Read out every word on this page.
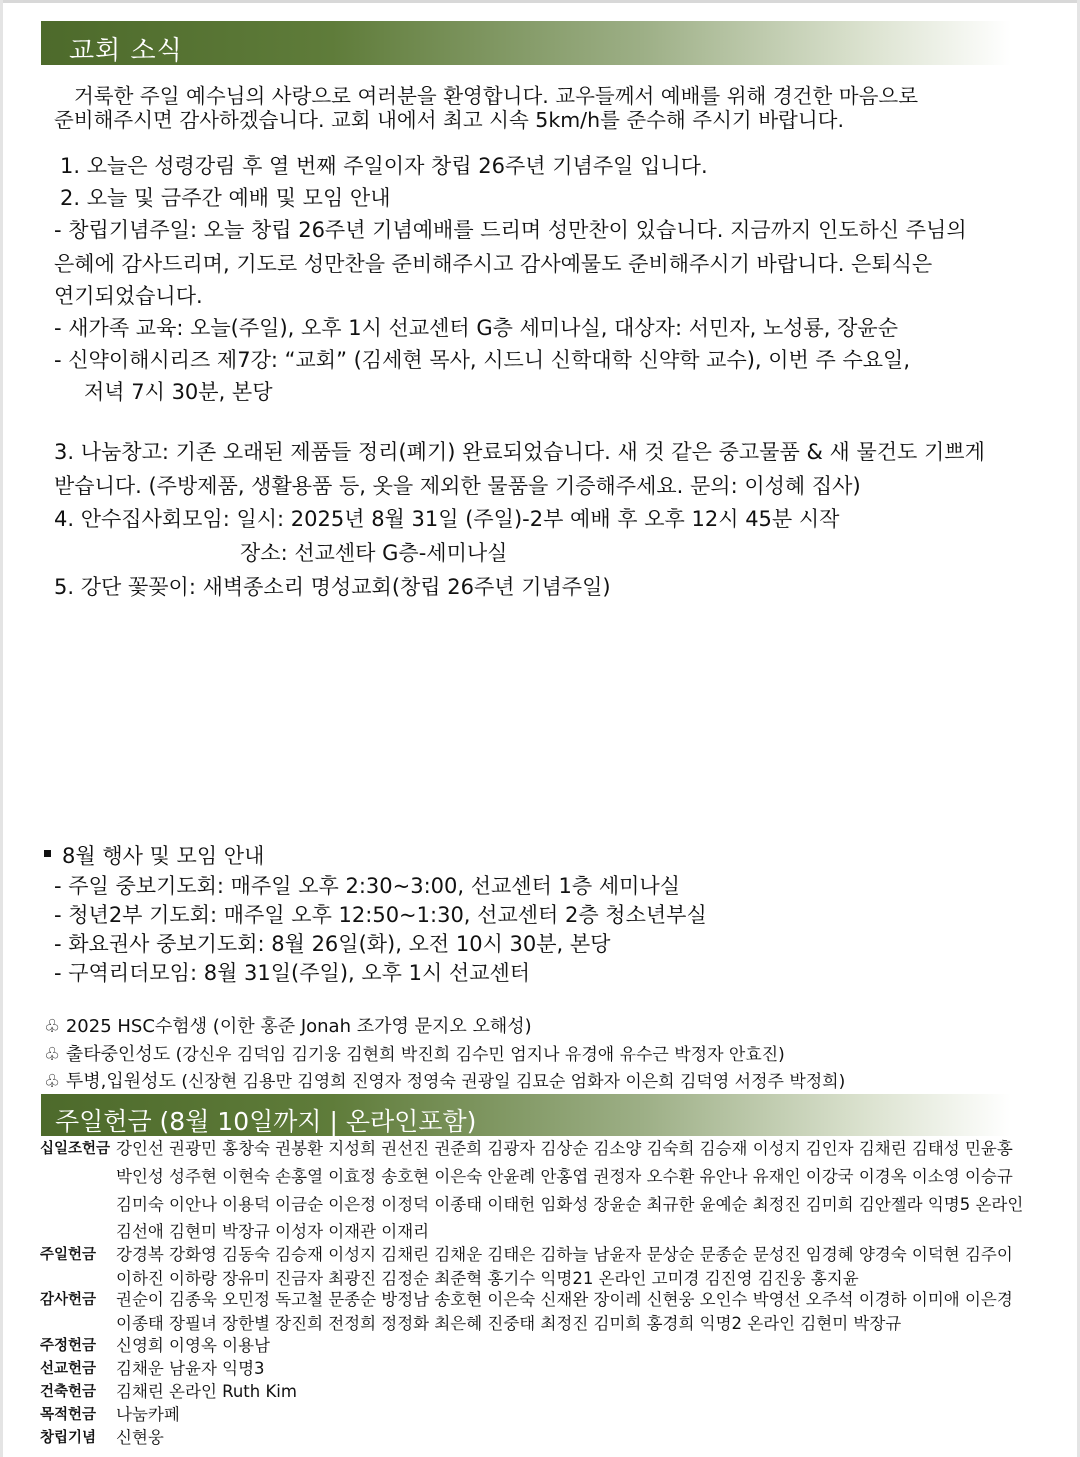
교회 소식
거룩한 주일 예수님의 사랑으로 여러분을 환영합니다. 교우들께서 예배를 위해 경건한 마음으로
준비해주시면 감사하겠습니다. 교회 내에서 최고 시속 5km/h를 준수해 주시기 바랍니다.
1. 오늘은 성령강림 후 열 번째 주일이자 창립 26주년 기념주일 입니다.
2. 오늘 및 금주간 예배 및 모임 안내
- 창립기념주일: 오늘 창립 26주년 기념예배를 드리며 성만찬이 있습니다. 지금까지 인도하신 주님의
은혜에 감사드리며, 기도로 성만찬을 준비해주시고 감사예물도 준비해주시기 바랍니다. 은퇴식은
연기되었습니다.
- 새가족 교육: 오늘(주일), 오후 1시 선교센터 G층 세미나실, 대상자: 서민자, 노성룡, 장윤순
- 신약이해시리즈 제7강: “교회” (김세현 목사, 시드니 신학대학 신약학 교수), 이번 주 수요일,
저녁 7시 30분, 본당
3. 나눔창고: 기존 오래된 제품들 정리(폐기) 완료되었습니다. 새 것 같은 중고물품 & 새 물건도 기쁘게
받습니다. (주방제품, 생활용품 등, 옷을 제외한 물품을 기증해주세요. 문의: 이성혜 집사)
4. 안수집사회모임: 일시: 2025년 8월 31일 (주일)-2부 예배 후 오후 12시 45분 시작
장소: 선교센타 G층-세미나실
5. 강단 꽃꽂이: 새벽종소리 명성교회(창립 26주년 기념주일)
8월 행사 및 모임 안내
- 주일 중보기도회: 매주일 오후 2:30~3:00, 선교센터 1층 세미나실
- 청년2부 기도회: 매주일 오후 12:50~1:30, 선교센터 2층 청소년부실
- 화요권사 중보기도회: 8월 26일(화), 오전 10시 30분, 본당
- 구역리더모임: 8월 31일(주일), 오후 1시 선교센터
♧ 2025 HSC수험생 (이한 홍준 Jonah 조가영 문지오 오해성)
♧ 출타중인성도 (강신우 김덕임 김기웅 김현희 박진희 김수민 엄지나 유경애 유수근 박정자 안효진)
♧ 투병,입원성도 (신장현 김용만 김영희 진영자 정영숙 권광일 김묘순 엄화자 이은희 김덕영 서정주 박정희)
주일헌금 (8월 10일까지 | 온라인포함)
십일조헌금 강인선 권광민 홍창숙 권봉환 지성희 권선진 권준희 김광자 김상순 김소양 김숙희 김승재 이성지 김인자 김채린 김태성 민윤홍
박인성 성주현 이현숙 손홍열 이효정 송호현 이은숙 안윤례 안홍엽 권정자 오수환 유안나 유재인 이강국 이경옥 이소영 이승규
김미숙 이안나 이용덕 이금순 이은정 이정덕 이종태 이태헌 임화성 장윤순 최규한 윤예순 최정진 김미희 김안젤라 익명5 온라인
김선애 김현미 박장규 이성자 이재관 이재리
주일헌금 강경복 강화영 김동숙 김승재 이성지 김채린 김채운 김태은 김하늘 남윤자 문상순 문종순 문성진 임경혜 양경숙 이덕현 김주이
이하진 이하랑 장유미 진금자 최광진 김정순 최준혁 홍기수 익명21 온라인 고미경 김진영 김진웅 홍지윤
감사헌금 권순이 김종욱 오민정 독고철 문종순 방정남 송호현 이은숙 신재완 장이레 신현웅 오인수 박영선 오주석 이경하 이미애 이은경
이종태 장필녀 장한별 장진희 전정희 정정화 최은혜 진중태 최정진 김미희 홍경희 익명2 온라인 김현미 박장규
주정헌금 신영희 이영옥 이용남
선교헌금 김채운 남윤자 익명3
건축헌금 김채린 온라인 Ruth Kim
목적헌금 나눔카페
창립기념 신현웅
